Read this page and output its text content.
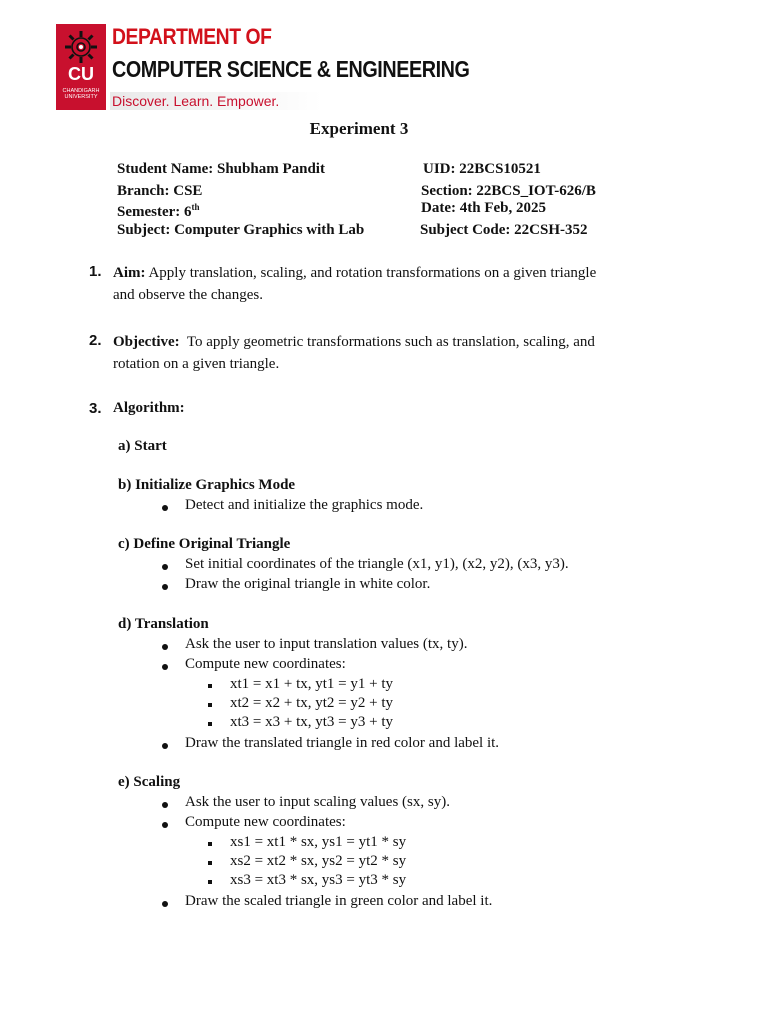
CU
CHANDIGARH UNIVERSITY
DEPARTMENT OF
COMPUTER SCIENCE & ENGINEERING
Discover. Learn. Empower.
Experiment 3
Student Name: Shubham Pandit	UID: 22BCS10521
Branch: CSE	Section: 22BCS_IOT-626/B
Semester: 6th	Date: 4th Feb, 2025
Subject: Computer Graphics with Lab	Subject Code: 22CSH-352
1. Aim: Apply translation, scaling, and rotation transformations on a given triangle
and observe the changes.
2. Objective: To apply geometric transformations such as translation, scaling, and
rotation on a given triangle.
3. Algorithm:
a) Start
b) Initialize Graphics Mode
Detect and initialize the graphics mode.
c) Define Original Triangle
Set initial coordinates of the triangle (x1, y1), (x2, y2), (x3, y3).
Draw the original triangle in white color.
d) Translation
Ask the user to input translation values (tx, ty).
Compute new coordinates:
xt1 = x1 + tx, yt1 = y1 + ty
xt2 = x2 + tx, yt2 = y2 + ty
xt3 = x3 + tx, yt3 = y3 + ty
Draw the translated triangle in red color and label it.
e) Scaling
Ask the user to input scaling values (sx, sy).
Compute new coordinates:
xs1 = xt1 * sx, ys1 = yt1 * sy
xs2 = xt2 * sx, ys2 = yt2 * sy
xs3 = xt3 * sx, ys3 = yt3 * sy
Draw the scaled triangle in green color and label it.
